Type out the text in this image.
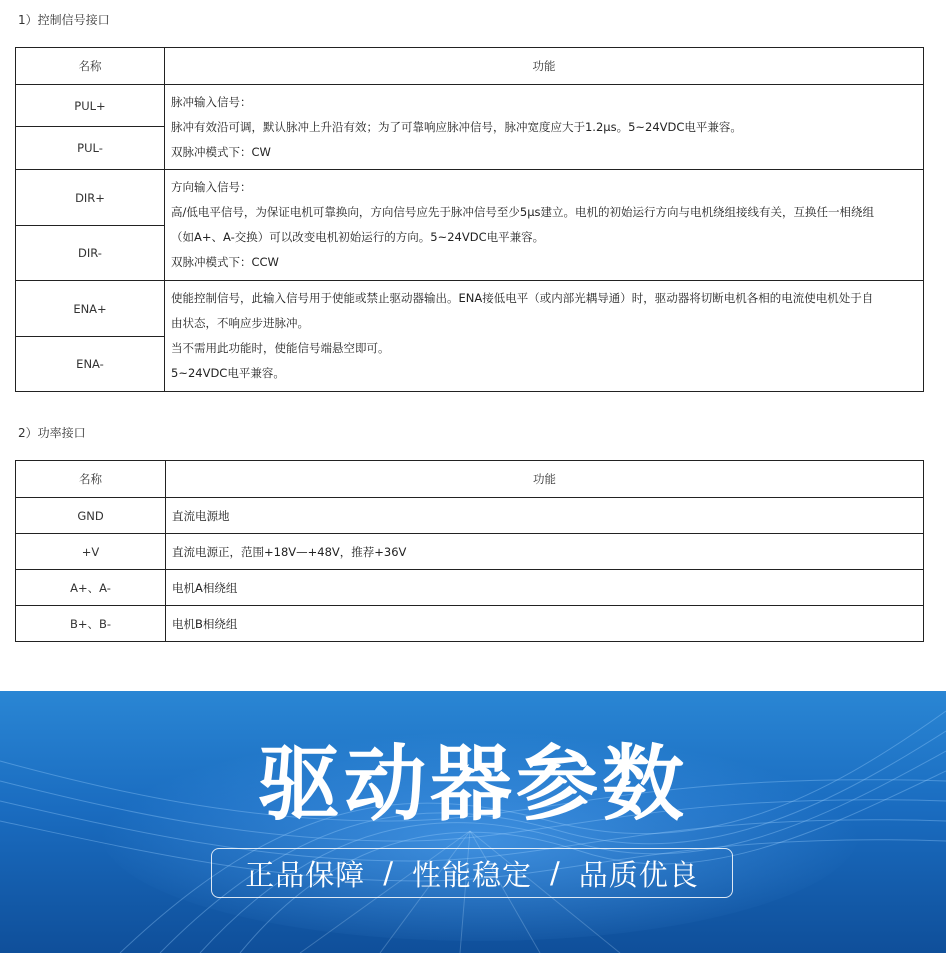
1）控制信号接口
名称	功能
PUL+	脉冲输入信号：
脉冲有效沿可调，默认脉冲上升沿有效；为了可靠响应脉冲信号，脉冲宽度应大于1.2μs。5~24VDC电平兼容。
双脉冲模式下：CW

PUL-	
DIR+	方向输入信号：
高/低电平信号，为保证电机可靠换向，方向信号应先于脉冲信号至少5μs建立。电机的初始运行方向与电机绕组接线有关，互换任一相绕组
（如A+、A-交换）可以改变电机初始运行的方向。5~24VDC电平兼容。
双脉冲模式下：CCW

DIR-	
ENA+	使能控制信号，此输入信号用于使能或禁止驱动器输出。ENA接低电平（或内部光耦导通）时，驱动器将切断电机各相的电流使电机处于自
由状态，不响应步进脉冲。
当不需用此功能时，使能信号端悬空即可。
5~24VDC电平兼容。

ENA-	
2）功率接口
名称	功能
GND	直流电源地
+V	直流电源正，范围+18V—+48V，推荐+36V
A+、A-	电机A相绕组
B+、B-	电机B相绕组
驱动器参数
正品保障 / 性能稳定 / 品质优良
